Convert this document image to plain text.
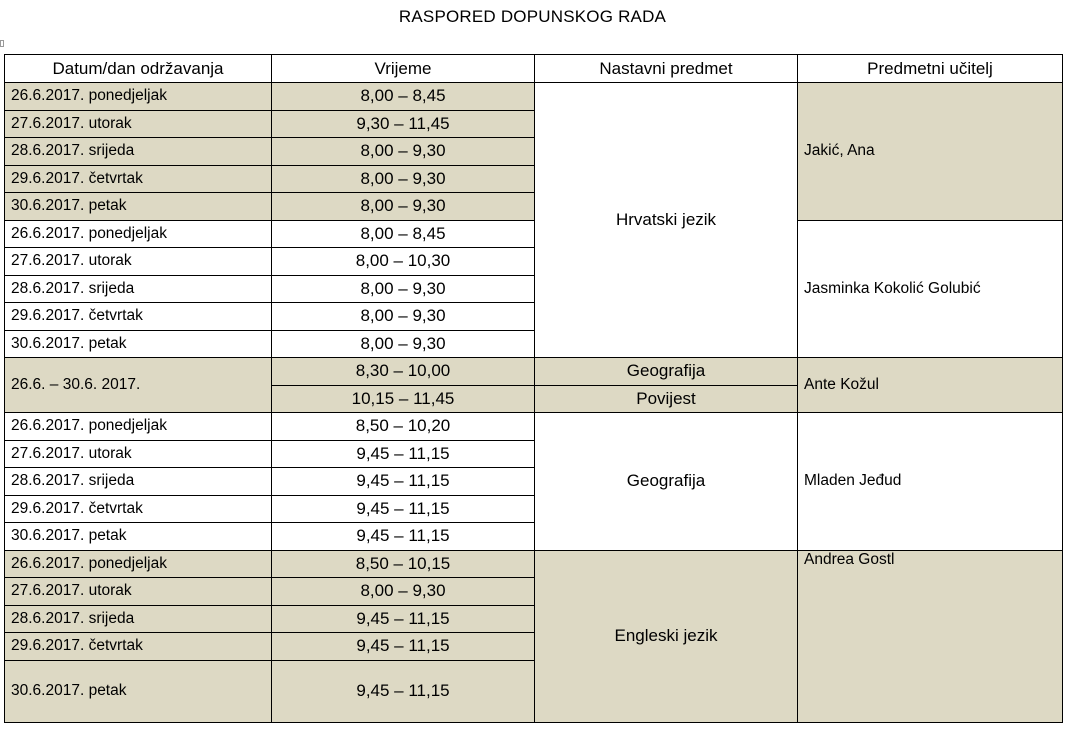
RASPORED DOPUNSKOG RADA
Datum/dan održavanja	Vrijeme	Nastavni predmet	Predmetni učitelj
26.6.2017. ponedjeljak	8,00 – 8,45	Hrvatski jezik	Jakić, Ana
27.6.2017. utorak	9,30 – 11,45		
28.6.2017. srijeda	8,00 – 9,30		
29.6.2017. četvrtak	8,00 – 9,30		
30.6.2017. petak	8,00 – 9,30		
26.6.2017. ponedjeljak	8,00 – 8,45		Jasminka Kokolić Golubić
27.6.2017. utorak	8,00 – 10,30		
28.6.2017. srijeda	8,00 – 9,30		
29.6.2017. četvrtak	8,00 – 9,30		
30.6.2017. petak	8,00 – 9,30		
26.6. – 30.6. 2017.	8,30 – 10,00	Geografija	Ante Kožul
	10,15 – 11,45	Povijest	
26.6.2017. ponedjeljak	8,50 – 10,20	Geografija	Mladen Jeđud
27.6.2017. utorak	9,45 – 11,15		
28.6.2017. srijeda	9,45 – 11,15		
29.6.2017. četvrtak	9,45 – 11,15		
30.6.2017. petak	9,45 – 11,15		
26.6.2017. ponedjeljak	8,50 – 10,15	Engleski jezik	Andrea Gostl
27.6.2017. utorak	8,00 – 9,30		
28.6.2017. srijeda	9,45 – 11,15		
29.6.2017. četvrtak	9,45 – 11,15		
30.6.2017. petak	9,45 – 11,15		
